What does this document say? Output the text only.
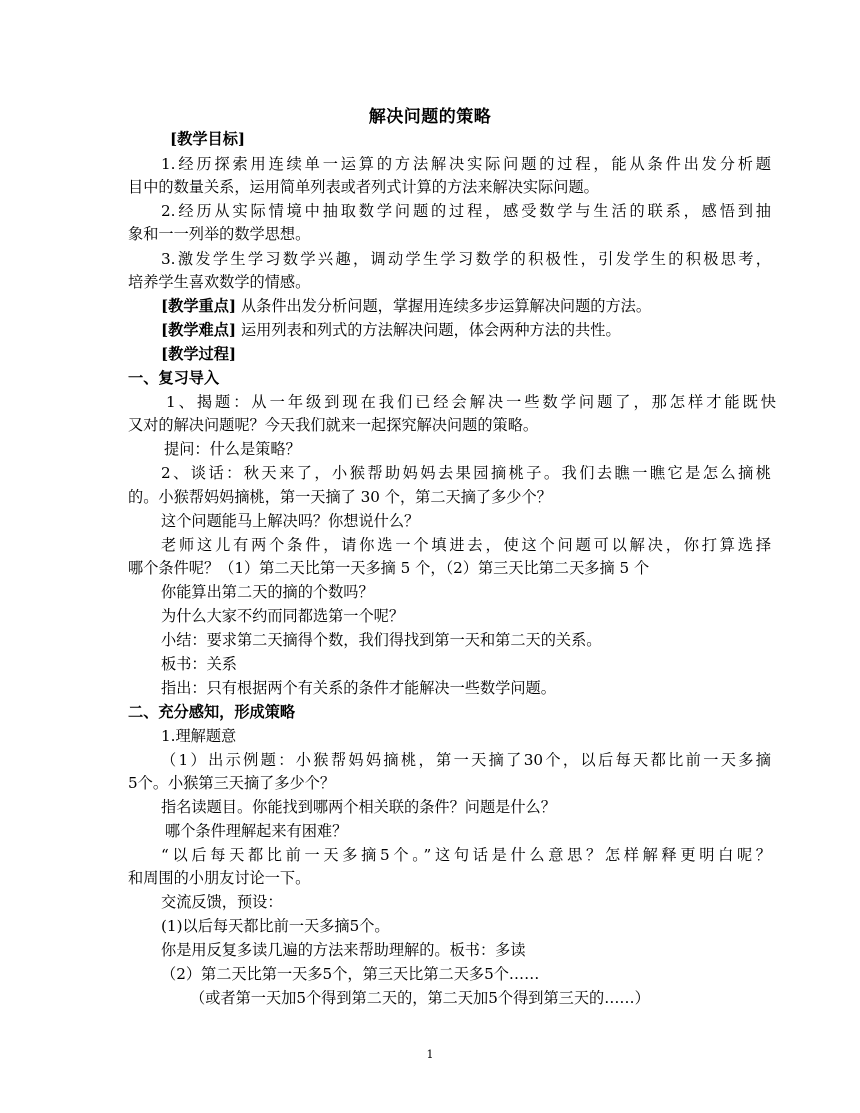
解决问题的策略
[教学目标]
1.经历探索用连续单一运算的方法解决实际问题的过程，能从条件出发分析题
目中的数量关系，运用简单列表或者列式计算的方法来解决实际问题。
2.经历从实际情境中抽取数学问题的过程，感受数学与生活的联系，感悟到抽
象和一一列举的数学思想。
3.激发学生学习数学兴趣，调动学生学习数学的积极性，引发学生的积极思考，
培养学生喜欢数学的情感。
[教学重点] 从条件出发分析问题，掌握用连续多步运算解决问题的方法。
[教学难点] 运用列表和列式的方法解决问题，体会两种方法的共性。
[教学过程]
一、复习导入
1、揭题：从一年级到现在我们已经会解决一些数学问题了，那怎样才能既快
又对的解决问题呢？今天我们就来一起探究解决问题的策略。
提问：什么是策略？
2、谈话：秋天来了，小猴帮助妈妈去果园摘桃子。我们去瞧一瞧它是怎么摘桃
的。小猴帮妈妈摘桃，第一天摘了 30 个，第二天摘了多少个？
这个问题能马上解决吗？你想说什么？
老师这儿有两个条件，请你选一个填进去，使这个问题可以解决，你打算选择
哪个条件呢？（1）第二天比第一天多摘 5 个，（2）第三天比第二天多摘 5 个
你能算出第二天的摘的个数吗？
为什么大家不约而同都选第一个呢？
小结：要求第二天摘得个数，我们得找到第一天和第二天的关系。
板书：关系
指出：只有根据两个有关系的条件才能解决一些数学问题。
二、充分感知，形成策略
1.理解题意
（1）出示例题：小猴帮妈妈摘桃，第一天摘了30个，以后每天都比前一天多摘
5个。小猴第三天摘了多少个？
指名读题目。你能找到哪两个相关联的条件？问题是什么？
哪个条件理解起来有困难？
“以后每天都比前一天多摘5个。”这句话是什么意思？怎样解释更明白呢？
和周围的小朋友讨论一下。
交流反馈，预设：
(1)以后每天都比前一天多摘5个。
你是用反复多读几遍的方法来帮助理解的。板书：多读
（2）第二天比第一天多5个，第三天比第二天多5个……
（或者第一天加5个得到第二天的，第二天加5个得到第三天的……）
1
